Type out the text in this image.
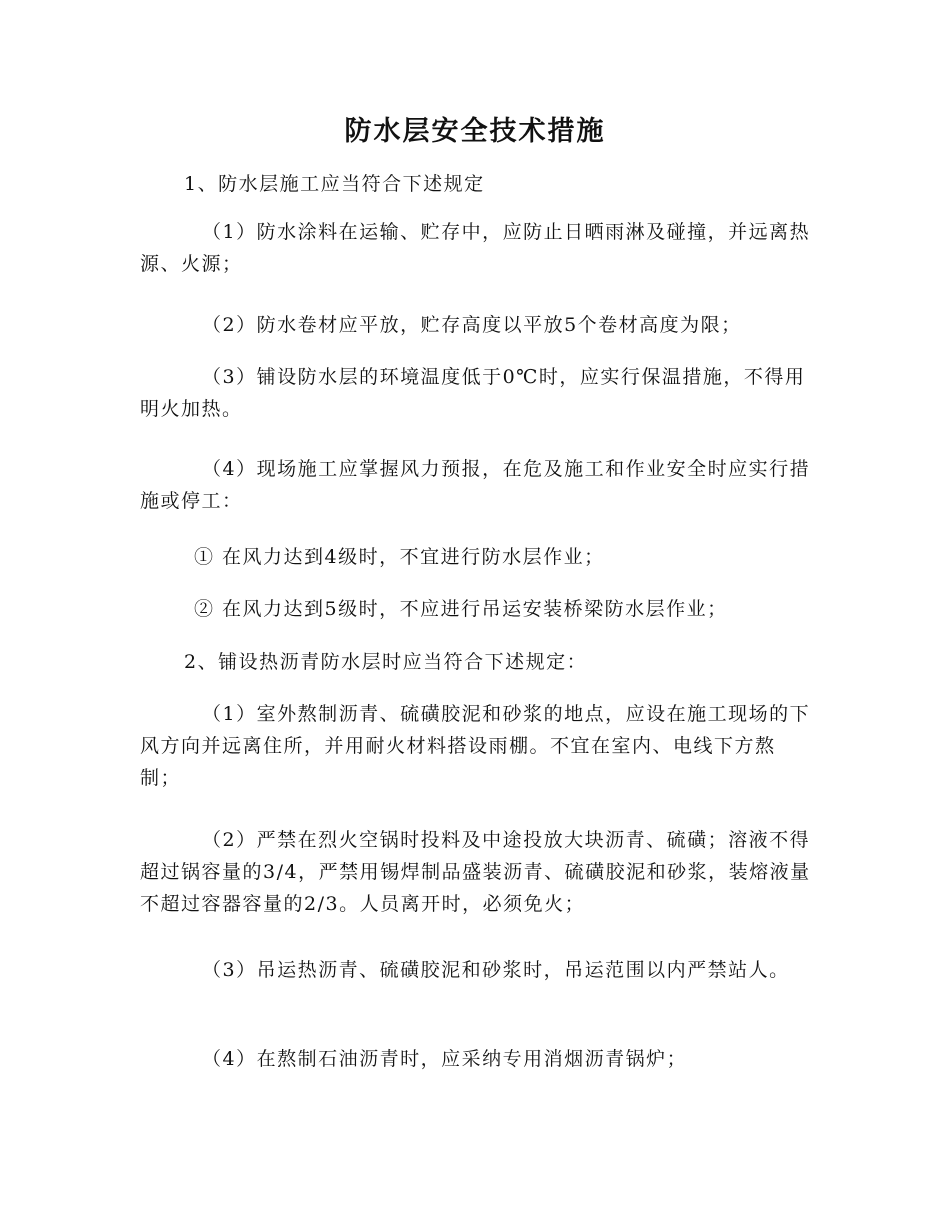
防水层安全技术措施

1、防水层施工应当符合下述规定

（1）防水涂料在运输、贮存中，应防止日晒雨淋及碰撞，并远离热源、火源；

（2）防水卷材应平放，贮存高度以平放5个卷材高度为限；

（3）铺设防水层的环境温度低于0℃时，应实行保温措施，不得用明火加热。

（4）现场施工应掌握风力预报，在危及施工和作业安全时应实行措施或停工：

① 在风力达到4级时，不宜进行防水层作业；

② 在风力达到5级时，不应进行吊运安装桥梁防水层作业；

2、铺设热沥青防水层时应当符合下述规定：

（1）室外熬制沥青、硫磺胶泥和砂浆的地点，应设在施工现场的下风方向并远离住所，并用耐火材料搭设雨棚。不宜在室内、电线下方熬制；

（2）严禁在烈火空锅时投料及中途投放大块沥青、硫磺；溶液不得超过锅容量的3/4，严禁用锡焊制品盛装沥青、硫磺胶泥和砂浆，装熔液量不超过容器容量的2/3。人员离开时，必须免火；

（3）吊运热沥青、硫磺胶泥和砂浆时，吊运范围以内严禁站人。

（4）在熬制石油沥青时，应采纳专用消烟沥青锅炉；
